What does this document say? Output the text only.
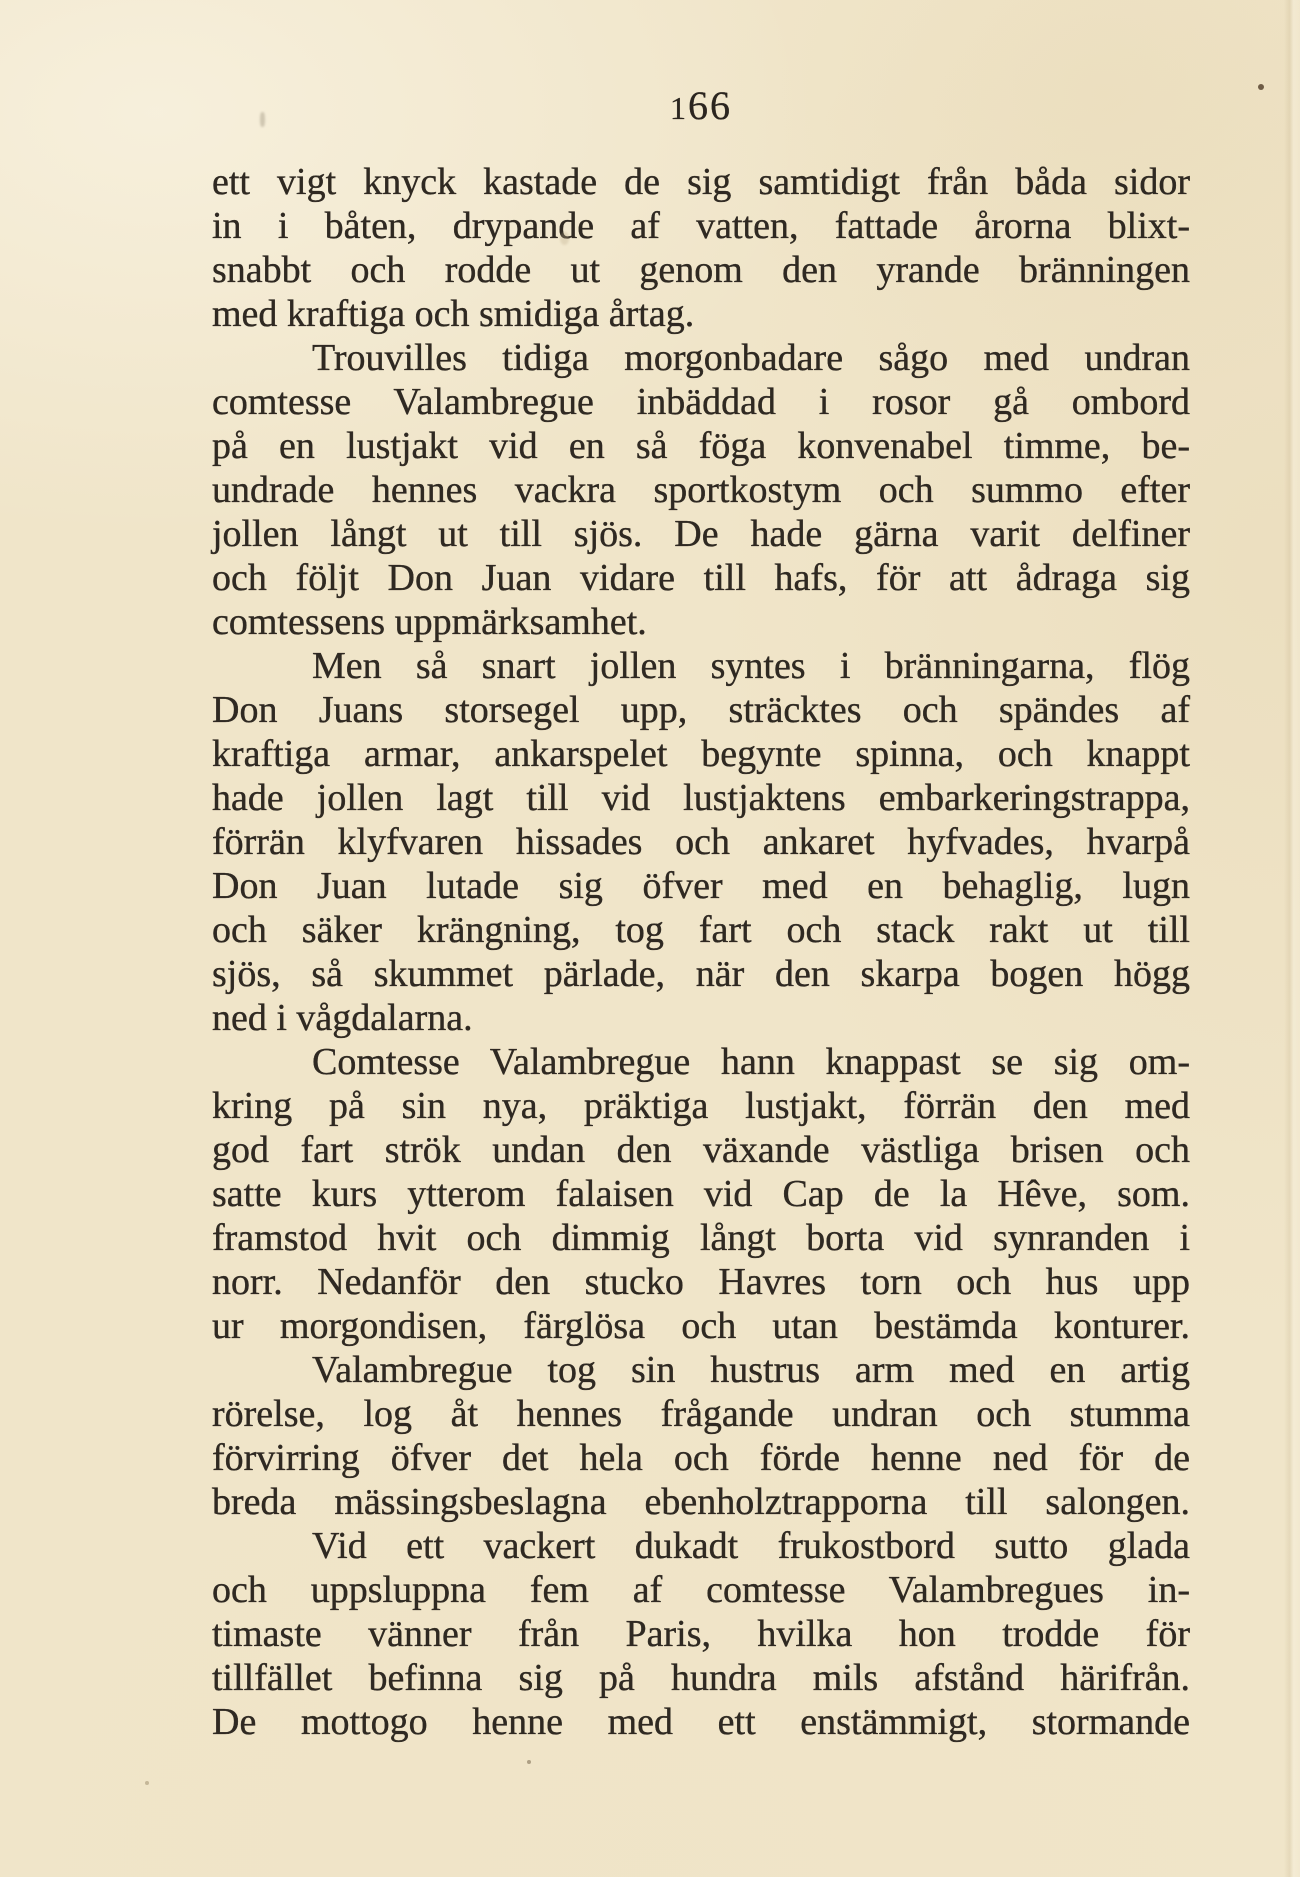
166
ett vigt knyck kastade de sig samtidigt från båda sidor
in i båten, drypande af vatten, fattade årorna blixt-
snabbt och rodde ut genom den yrande bränningen
med kraftiga och smidiga årtag.
Trouvilles tidiga morgonbadare sågo med undran
comtesse Valambregue inbäddad i rosor gå ombord
på en lustjakt vid en så föga konvenabel timme, be-
undrade hennes vackra sportkostym och summo efter
jollen långt ut till sjös. De hade gärna varit delfiner
och följt Don Juan vidare till hafs, för att ådraga sig
comtessens uppmärksamhet.
Men så snart jollen syntes i bränningarna, flög
Don Juans storsegel upp, sträcktes och spändes af
kraftiga armar, ankarspelet begynte spinna, och knappt
hade jollen lagt till vid lustjaktens embarkeringstrappa,
förrän klyfvaren hissades och ankaret hyfvades, hvarpå
Don Juan lutade sig öfver med en behaglig, lugn
och säker krängning, tog fart och stack rakt ut till
sjös, så skummet pärlade, när den skarpa bogen högg
ned i vågdalarna.
Comtesse Valambregue hann knappast se sig om-
kring på sin nya, präktiga lustjakt, förrän den med
god fart strök undan den växande västliga brisen och
satte kurs ytterom falaisen vid Cap de la Hêve, som.
framstod hvit och dimmig långt borta vid synranden i
norr. Nedanför den stucko Havres torn och hus upp
ur morgondisen, färglösa och utan bestämda konturer.
Valambregue tog sin hustrus arm med en artig
rörelse, log åt hennes frågande undran och stumma
förvirring öfver det hela och förde henne ned för de
breda mässingsbeslagna ebenholztrapporna till salongen.
Vid ett vackert dukadt frukostbord sutto glada
och uppsluppna fem af comtesse Valambregues in-
timaste vänner från Paris, hvilka hon trodde för
tillfället befinna sig på hundra mils afstånd härifrån.
De mottogo henne med ett enstämmigt, stormande
